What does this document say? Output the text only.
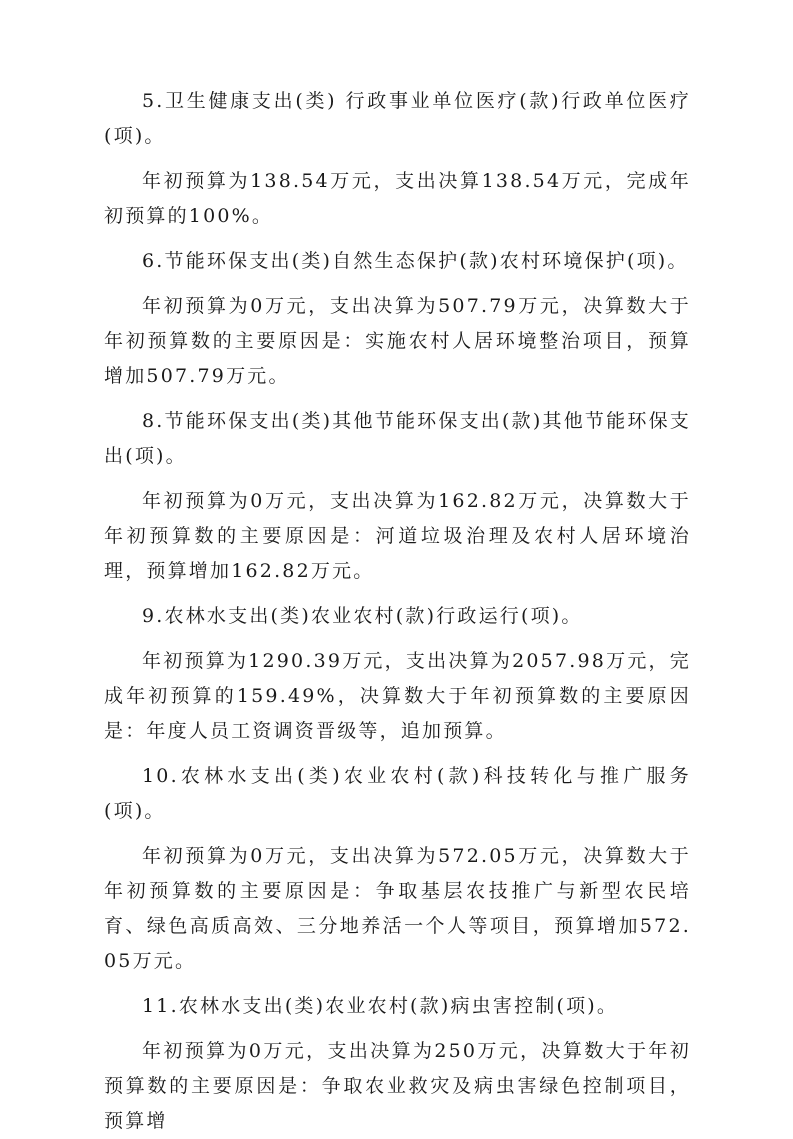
5.卫生健康支出(类) 行政事业单位医疗(款)行政单位医疗(项)。

年初预算为138.54万元，支出决算138.54万元，完成年初预算的100%。

6.节能环保支出(类)自然生态保护(款)农村环境保护(项)。

年初预算为0万元，支出决算为507.79万元，决算数大于年初预算数的主要原因是：实施农村人居环境整治项目，预算增加507.79万元。

8.节能环保支出(类)其他节能环保支出(款)其他节能环保支出(项)。

年初预算为0万元，支出决算为162.82万元，决算数大于年初预算数的主要原因是：河道垃圾治理及农村人居环境治理，预算增加162.82万元。

9.农林水支出(类)农业农村(款)行政运行(项)。

年初预算为1290.39万元，支出决算为2057.98万元，完成年初预算的159.49%，决算数大于年初预算数的主要原因是：年度人员工资调资晋级等，追加预算。

10.农林水支出(类)农业农村(款)科技转化与推广服务(项)。

年初预算为0万元，支出决算为572.05万元，决算数大于年初预算数的主要原因是：争取基层农技推广与新型农民培育、绿色高质高效、三分地养活一个人等项目，预算增加572.05万元。

11.农林水支出(类)农业农村(款)病虫害控制(项)。

年初预算为0万元，支出决算为250万元，决算数大于年初预算数的主要原因是：争取农业救灾及病虫害绿色控制项目，预算增
